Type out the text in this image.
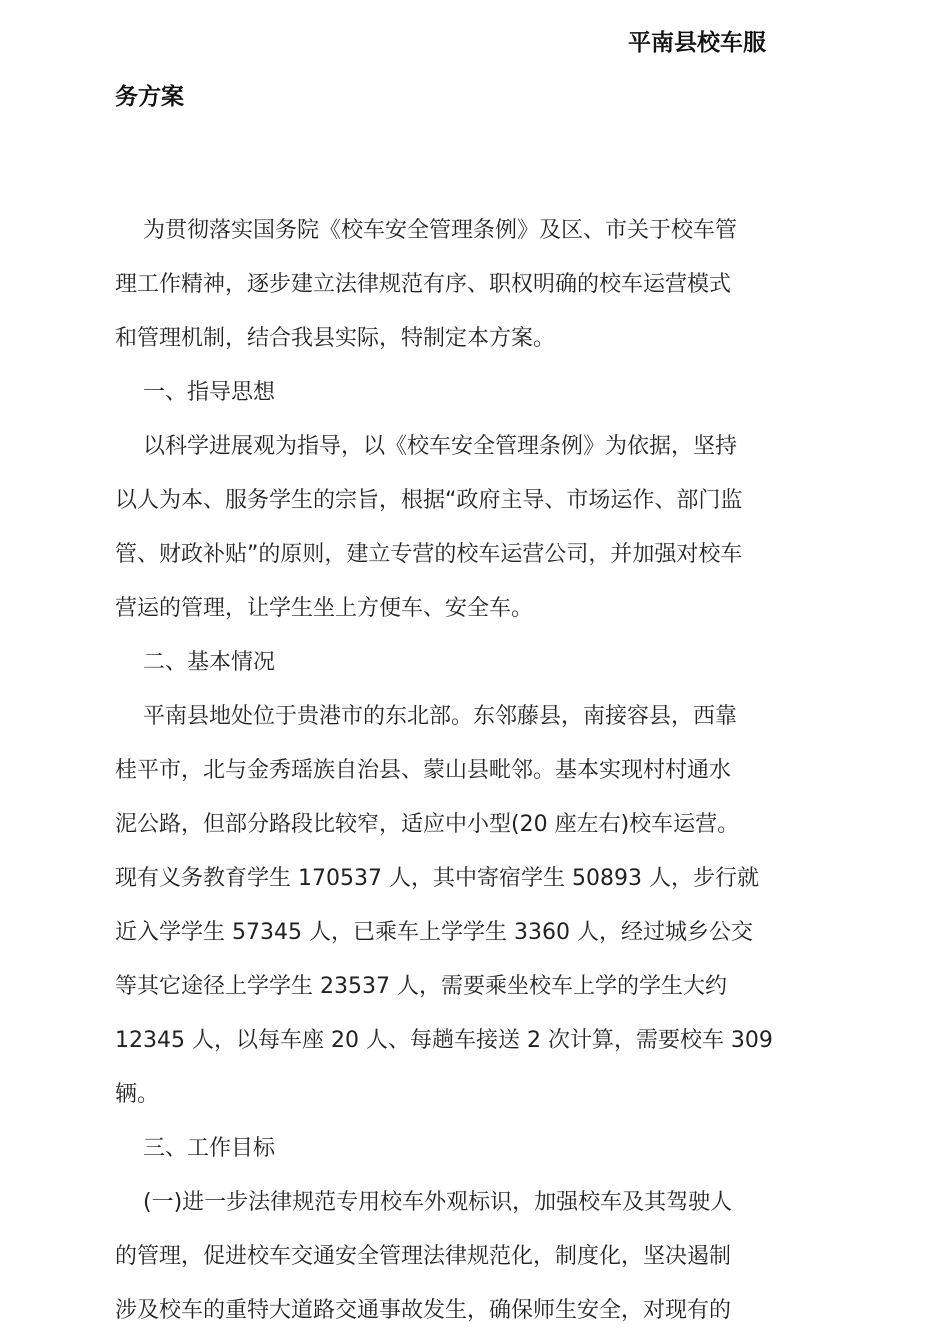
平南县校车服
务方案
为贯彻落实国务院《校车安全管理条例》及区、市关于校车管
理工作精神，逐步建立法律规范有序、职权明确的校车运营模式
和管理机制，结合我县实际，特制定本方案。
一、指导思想
以科学进展观为指导，以《校车安全管理条例》为依据，坚持
以人为本、服务学生的宗旨，根据“政府主导、市场运作、部门监
管、财政补贴”的原则，建立专营的校车运营公司，并加强对校车
营运的管理，让学生坐上方便车、安全车。
二、基本情况
平南县地处位于贵港市的东北部。东邻藤县，南接容县，西靠
桂平市，北与金秀瑶族自治县、蒙山县毗邻。基本实现村村通水
泥公路，但部分路段比较窄，适应中小型(20 座左右)校车运营。
现有义务教育学生 170537 人，其中寄宿学生 50893 人，步行就
近入学学生 57345 人，已乘车上学学生 3360 人，经过城乡公交
等其它途径上学学生 23537 人，需要乘坐校车上学的学生大约
12345 人，以每车座 20 人、每趟车接送 2 次计算，需要校车 309
辆。
三、工作目标
(一)进一步法律规范专用校车外观标识，加强校车及其驾驶人
的管理，促进校车交通安全管理法律规范化，制度化，坚决遏制
涉及校车的重特大道路交通事故发生，确保师生安全，对现有的
